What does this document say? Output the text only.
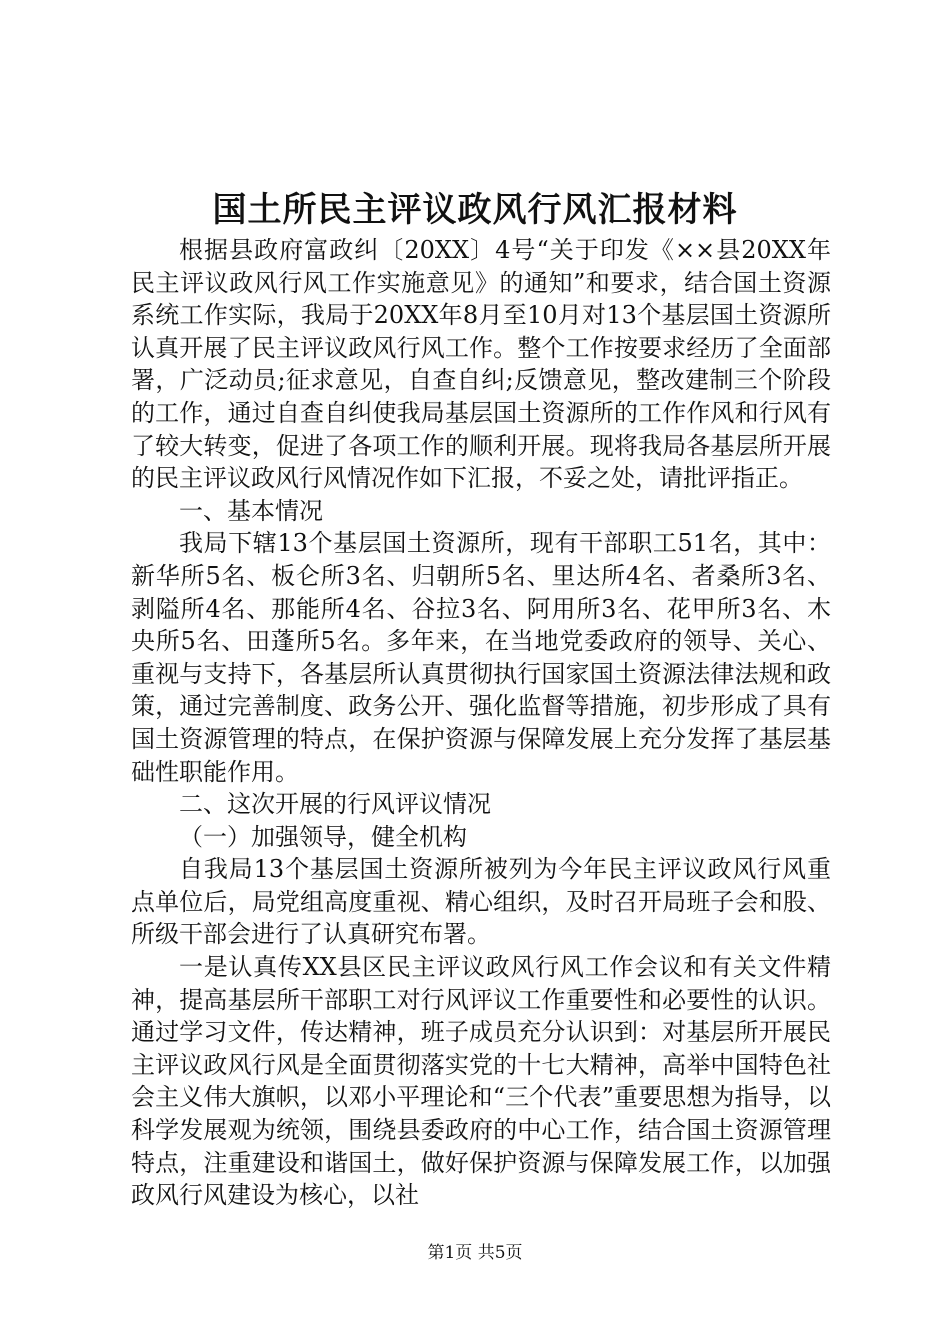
国土所民主评议政风行风汇报材料

根据县政府富政纠〔20XX〕4号“关于印发《××县20XX年民主评议政风行风工作实施意见》的通知”和要求，结合国土资源系统工作实际，我局于20XX年8月至10月对13个基层国土资源所认真开展了民主评议政风行风工作。整个工作按要求经历了全面部署，广泛动员;征求意见，自查自纠;反馈意见，整改建制三个阶段的工作，通过自查自纠使我局基层国土资源所的工作作风和行风有了较大转变，促进了各项工作的顺利开展。现将我局各基层所开展的民主评议政风行风情况作如下汇报，不妥之处，请批评指正。

一、基本情况

我局下辖13个基层国土资源所，现有干部职工51名，其中：新华所5名、板仑所3名、归朝所5名、里达所4名、者桑所3名、剥隘所4名、那能所4名、谷拉3名、阿用所3名、花甲所3名、木央所5名、田蓬所5名。多年来，在当地党委政府的领导、关心、重视与支持下，各基层所认真贯彻执行国家国土资源法律法规和政策，通过完善制度、政务公开、强化监督等措施，初步形成了具有国土资源管理的特点，在保护资源与保障发展上充分发挥了基层基础性职能作用。

二、这次开展的行风评议情况

（一）加强领导，健全机构

自我局13个基层国土资源所被列为今年民主评议政风行风重点单位后，局党组高度重视、精心组织，及时召开局班子会和股、所级干部会进行了认真研究布署。

一是认真传XX县区民主评议政风行风工作会议和有关文件精神，提高基层所干部职工对行风评议工作重要性和必要性的认识。通过学习文件，传达精神，班子成员充分认识到：对基层所开展民主评议政风行风是全面贯彻落实党的十七大精神，高举中国特色社会主义伟大旗帜，以邓小平理论和“三个代表”重要思想为指导，以科学发展观为统领，围绕县委政府的中心工作，结合国土资源管理特点，注重建设和谐国土，做好保护资源与保障发展工作，以加强政风行风建设为核心，以社

第1页 共5页
